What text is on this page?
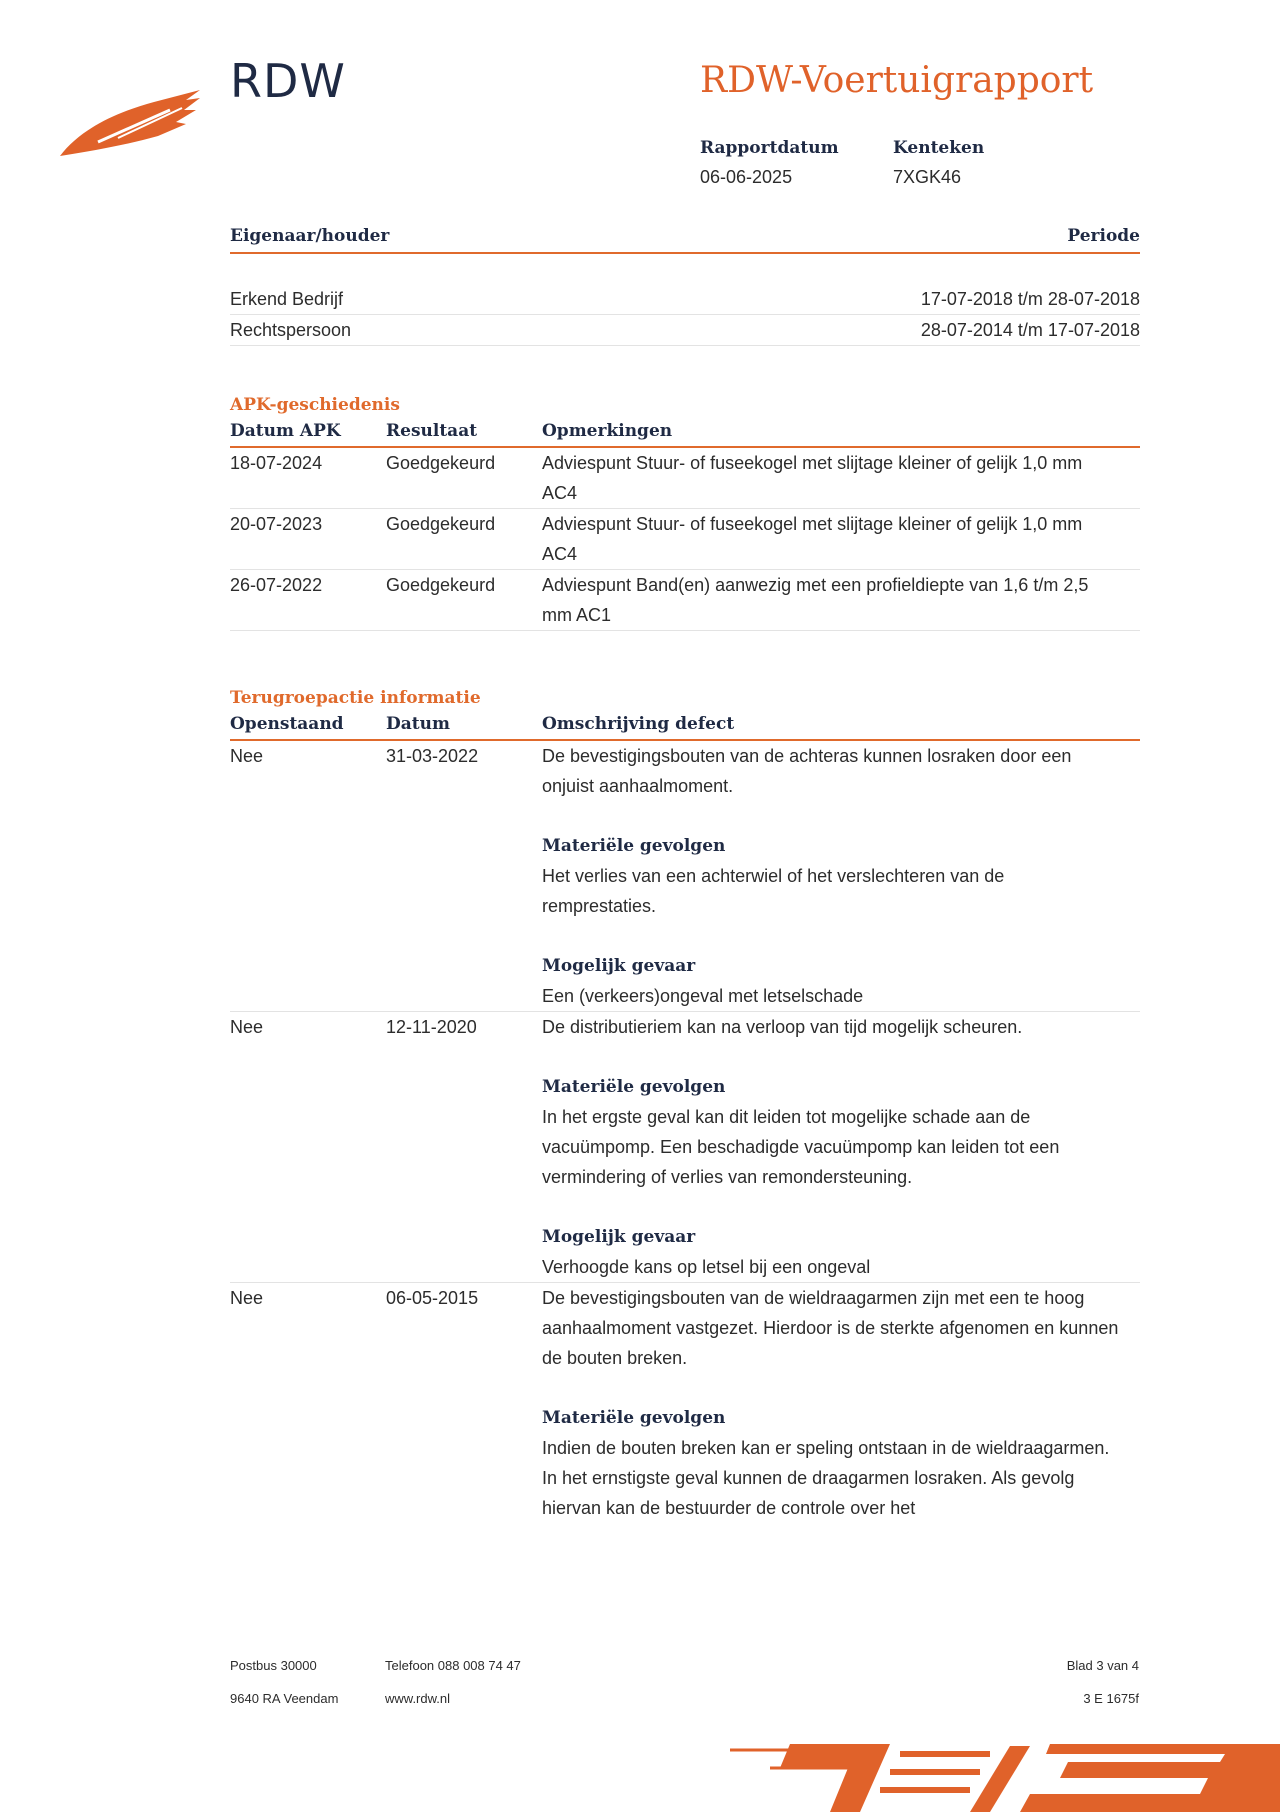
RDW	RDW-Voertuigrapport
Rapportdatum
06-06-2025
Kenteken
7XGK46
Eigenaar/houder	Periode
Erkend Bedrijf	17-07-2018 t/m 28-07-2018
Rechtspersoon	28-07-2014 t/m 17-07-2018
APK-geschiedenis
Datum APK	Resultaat	Opmerkingen
18-07-2024	Goedgekeurd	Adviespunt Stuur- of fuseekogel met slijtage kleiner of gelijk 1,0 mm AC4
20-07-2023	Goedgekeurd	Adviespunt Stuur- of fuseekogel met slijtage kleiner of gelijk 1,0 mm AC4
26-07-2022	Goedgekeurd	Adviespunt Band(en) aanwezig met een profieldiepte van 1,6 t/m 2,5 mm AC1
Terugroepactie informatie
Openstaand	Datum	Omschrijving defect
Nee	31-03-2022	De bevestigingsbouten van de achteras kunnen losraken door een onjuist aanhaalmoment.
Materiële gevolgen
Het verlies van een achterwiel of het verslechteren van de remprestaties.
Mogelijk gevaar
Een (verkeers)ongeval met letselschade

Nee	12-11-2020	De distributieriem kan na verloop van tijd mogelijk scheuren.
Materiële gevolgen
In het ergste geval kan dit leiden tot mogelijke schade aan de vacuümpomp. Een beschadigde vacuümpomp kan leiden tot een vermindering of verlies van remondersteuning.
Mogelijk gevaar
Verhoogde kans op letsel bij een ongeval

Nee	06-05-2015	De bevestigingsbouten van de wieldraagarmen zijn met een te hoog aanhaalmoment vastgezet. Hierdoor is de sterkte afgenomen en kunnen de bouten breken.
Materiële gevolgen
Indien de bouten breken kan er speling ontstaan in de wieldraagarmen. In het ernstigste geval kunnen de draagarmen losraken. Als gevolg hiervan kan de bestuurder de controle over het
Postbus 30000
9640 RA Veendam
Telefoon 088 008 74 47
www.rdw.nl
Blad 3 van 4
3 E 1675f
